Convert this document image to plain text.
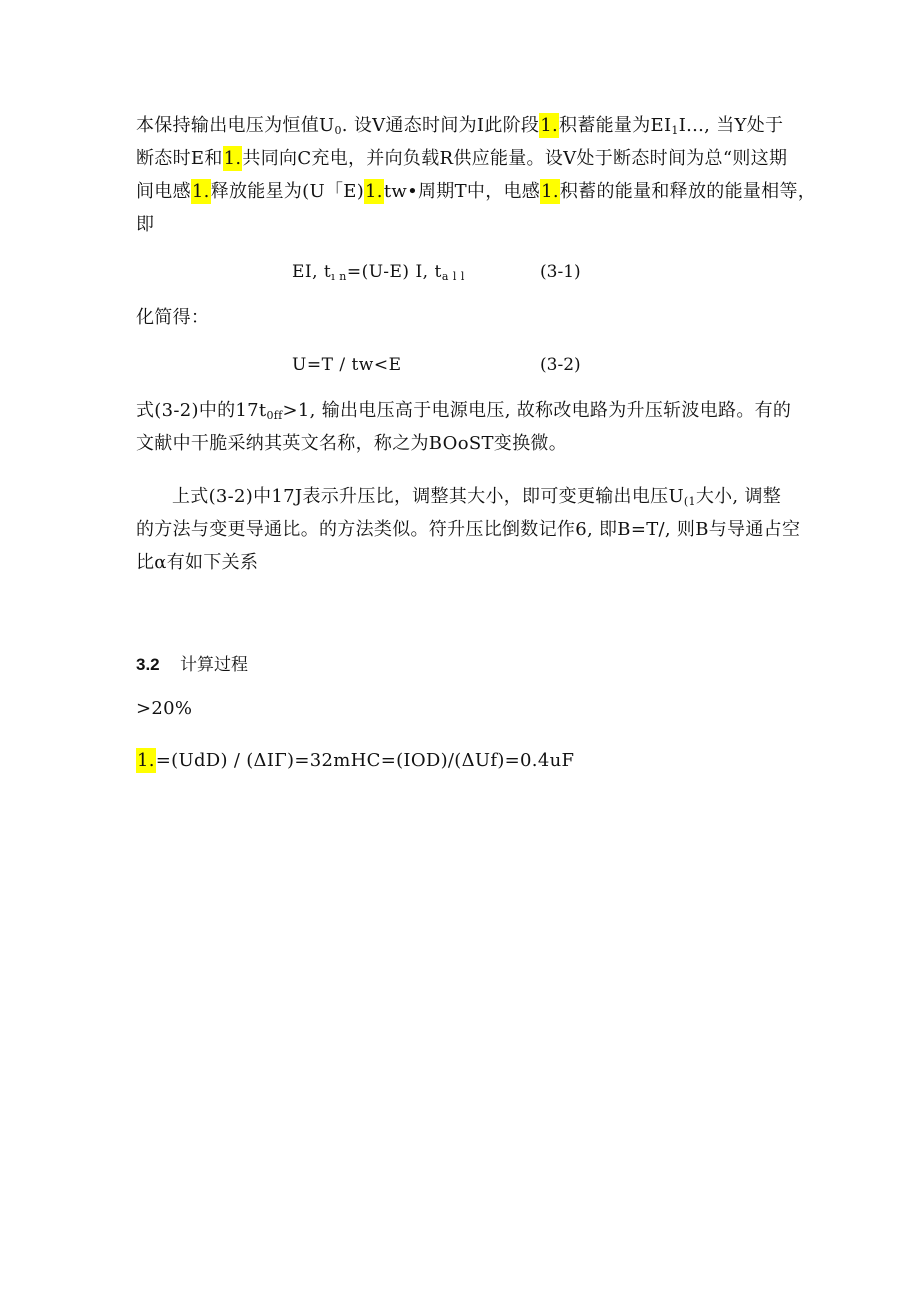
本保持输出电压为恒值$U_0$. 设V通态时间为I此阶段1.积蓄能量为$EI_1I$..., 当Y处于
断态时E和1.共同向C充电，并向负载R供应能量。设V处于断态时间为总“则这期
间电感1.释放能星为(U「E)1.tw•周期T中，电感1.积蓄的能量和释放的能量相等，
即
EI, $t_{ı n}=(U-E)$ I, $t_{a l l}$	(3-1)
化简得：
U=T / tw<E	(3-2)
式(3-2)中的$17t_{0ff}>1$, 输出电压高于电源电压, 故称改电路为升压斩波电路。有的
文献中干脆采纳其英文名称，称之为BOoST变换微。
上式(3-2)中17J表示升压比，调整其大小，即可变更输出电压$U_{(1}$大小, 调整
的方法与变更导通比。的方法类似。符升压比倒数记作6, 即B=T/, 则B与导通占空
比α有如下关系
3.2 计算过程
>20%
1.=(UdD) / (ΔIΓ)=32mHC=(IOD)/(ΔUf)=0.4uF
